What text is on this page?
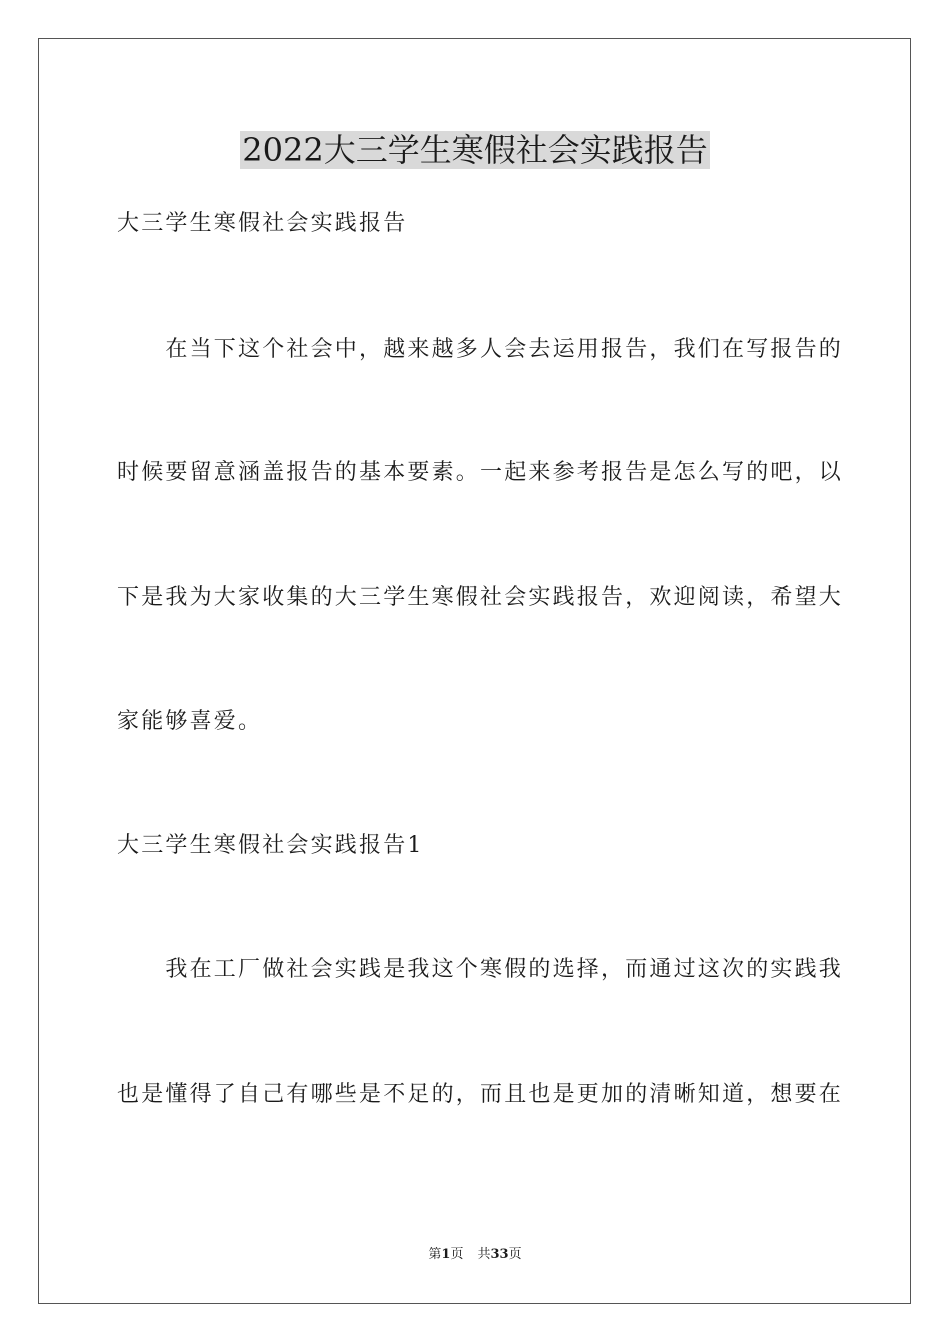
2022大三学生寒假社会实践报告
大三学生寒假社会实践报告
　　在当下这个社会中，越来越多人会去运用报告，我们在写报告的
时候要留意涵盖报告的基本要素。一起来参考报告是怎么写的吧，以
下是我为大家收集的大三学生寒假社会实践报告，欢迎阅读，希望大
家能够喜爱。
大三学生寒假社会实践报告1
　　我在工厂做社会实践是我这个寒假的选择，而通过这次的实践我
也是懂得了自己有哪些是不足的，而且也是更加的清晰知道，想要在
第1页 共33页
